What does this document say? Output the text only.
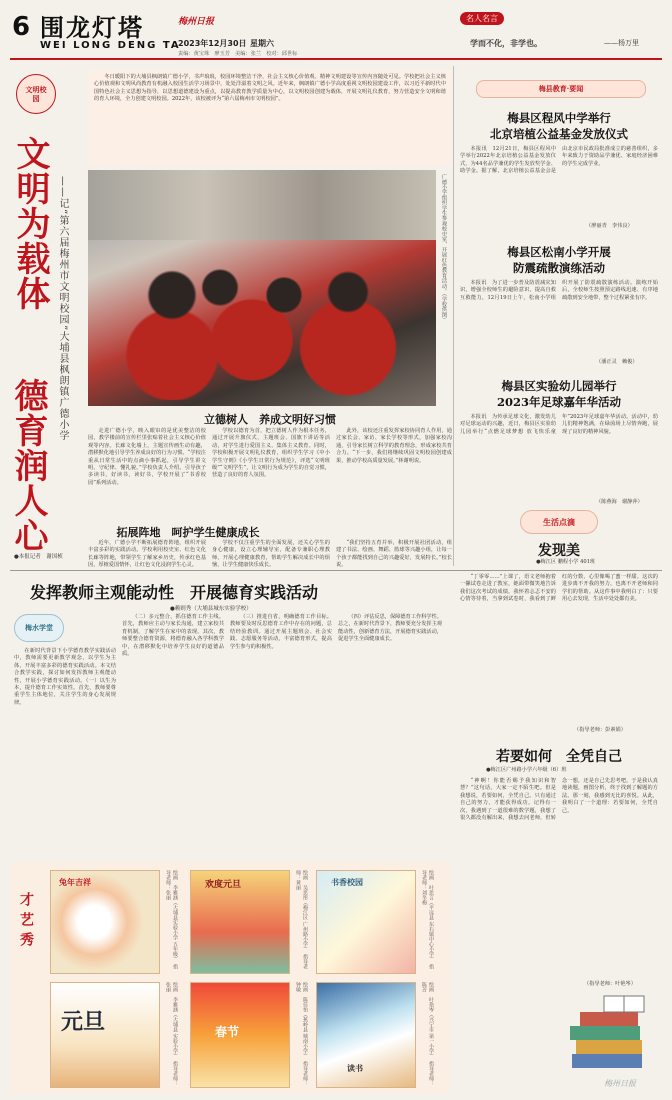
6 围龙灯塔
WEI LONG DENG TA
梅州日报
2023年12月30日 星期六
责编：黄宝珠　廖玉芳　美编：张兰　校对：邱世标
名人名言
学而不化，非学也。	——杨万里
文明校园
文明为载体
德育润人心
——记“第六届梅州市文明校园”大埔县枫朗镇广德小学
●本报记者　谢国桢

冬日暖阳下的大埔县枫朗镇广德小学，书声琅琅，校园环境整洁干净，社会主义核心价值观、精神文明建设等宣传内容随处可见。学校把社会主义核心价值观和文明风尚教育有机融入校园生活学习场景中，处处洋溢着文明之风。近年来，枫朗镇广德小学高度重视文明校园建设工作，以习近平新时代中国特色社会主义思想为指导，以思想道德建设为重点，以提高教育教学质量为中心，以文明校园创建为载体，开展文明礼仪教育，努力营造安全文明和谐的育人环境，全力创建文明校园。2022年，该校被评为“第六届梅州市文明校园”。

广德小学组织学生参观校史室，开展红色教育活动。（学校供图）
立德树人　养成文明好习惯

走进广德小学，映入眼帘的是优美整洁的校园，教学楼前的宣传栏里张贴着社会主义核心价值观等内容。长廊文化墙上，主题宣传画生动有趣，潜移默化地引导学生养成良好的行为习惯。“学校注重从日常生活中的点滴小事抓起，引导学生讲文明、守纪律、懂礼貌。”学校负责人介绍。引导孩子多读书，好读书，读好书，学校开展了“书香校园”系列活动。

学校以德育为首，把立德树人作为根本任务，通过开展升旗仪式、主题班会、国旗下讲话等活动，对学生进行爱国主义、集体主义教育。同时，学校积极开展文明礼仪教育，组织学生学习《中小学生守则》《小学生日常行为规范》，评选“文明班级”“文明学生”，让文明行为成为学生的自觉习惯，营造了良好的育人氛围。

此外，该校还注重发挥家校协同育人作用，通过家长会、家访、家长学校等形式，加强家校沟通，引导家长树立科学的教育理念，形成家校共育合力。“下一步，我们将继续巩固文明校园创建成果，推动学校高质量发展。”林谢明说。

拓展阵地　呵护学生健康成长

近年，广德小学不断拓展德育阵地，组织开展丰富多彩的实践活动。学校利用校史室、红色文化长廊等阵地，带领学生了解家乡历史，传承红色基因，厚植爱国情怀，让红色文化浸润学生心灵。

学校不仅注重学生的全面发展，还关心学生的身心健康，设立心理辅导室，配备专兼职心理教师，开展心理健康教育，帮助学生解决成长中的烦恼，让学生健康快乐成长。

“我们坚持五育并举，积极开展社团活动，组建了书法、绘画、舞蹈、篮球等兴趣小组，让每一个孩子都能找到自己的兴趣爱好，发展特长。”校长说。

梅县教育·要闻
梅县区程风中学举行
北京培植公益基金发放仪式

本报讯　12月21日，梅县区程风中学举行2022年北京培植公益基金发放仪式，为44名品学兼优的学生发放奖学金、助学金。据了解，北京培植公益基金会是由北京市民政局批准成立的慈善组织，多年来致力于资助品学兼优、家庭经济困难的学生完成学业。

（廖丽青　李伟良）
梅县区松南小学开展
防震疏散演练活动

本报讯　为了进一步普及防震减灾知识，增强全校师生的避险意识，提高自救互救能力，12月19日上午，松南小学组织开展了防震疏散演练活动。演练开始后，全校师生按照预定路线迅速、有序地疏散到安全地带，整个过程紧张有序。

（潘正灵　赖俊）
梅县区实验幼儿园举行
2023年足球嘉年华活动

本报讯　为传承足球文化，激发幼儿对足球运动的兴趣，近日，梅县区实验幼儿园举行“点燃足球梦想 放飞快乐童年”2023年足球嘉年华活动。活动中，幼儿们精神饱满，在绿茵场上尽情奔跑，展现了良好的精神风貌。

（陈燕海　谢静萍）
生活点滴
发现美
●梅江区 鹏程小学 401班
发挥教师主观能动性　开展德育实践活动
●赖则秀（大埔县城东实验学校）
梅水学堂

在新时代背景下小学德育教学实践活动中，教师需要更新教学观念，以学生为主体，开展丰富多彩的德育实践活动。本文结合教学实践，探讨如何发挥教师主观能动性，开展小学德育实践活动。（一）以生为本，提升德育工作实效性。首先，教师要尊重学生主体地位，关注学生的身心发展规律。

（二）多元整合，抓住德育工作主线。首先，教师应主动与家长沟通，建立家校共育机制，了解学生在家中的表现。其次，教师要整合德育资源，将德育融入各学科教学中，在潜移默化中培养学生良好的道德品质。

（三）推进自省，明确德育工作目标。教师要及时反思德育工作中存在的问题，总结经验教训。通过开展主题班会、社会实践、志愿服务等活动，丰富德育形式，提高学生参与的积极性。

（四）评估反思，保障德育工作科学性。总之，在新时代背景下，教师要充分发挥主观能动性，创新德育方法，开展德育实践活动，促进学生全面健康成长。

“丁零零……”上课了，语文老师抱着一摞试卷走进了教室，她面带微笑地告诉我们这次考试的成绩。我怀着忐忑不安的心情等待着，当拿到试卷时，我看到了鲜红的分数，心里像喝了蜜一样甜。这次的进步离不开我的努力，也离不开老师和同学们的帮助。从这件事中我明白了：只要用心去发现，生活中处处都有美。

（指导老师：彭素娟）
若要如何　全凭自己
●梅江区广州路小学六年级（6）班

“神啊！你能否赐予我知识和智慧？”这句话，大家一定不陌生吧。但是我想说，若要如何，全凭自己。只有通过自己的努力，才能获得成功。记得有一次，我遇到了一道很难的数学题，我想了很久都没有解出来，我想去问老师，但转念一想，还是自己先思考吧。于是我认真地读题，画图分析，终于找到了解题的方法。那一刻，我感到无比的喜悦。从此，我明白了一个道理：若要如何，全凭自己。

（指导老师：叶艳岑）
梅州日报
才艺秀
兔年吉祥	绘画　李雅涵（大埔县实验小学 五年级）　指导老师：张丽	欢度元旦	绘画　吴思彤（梅江区 广州路小学）　指导老师：黄丽	书香校园	绘画　叶思言（平远县 东石镇中心小学）　指导老师：刘冬梅
元旦	绘画　李雅涵（大埔县 实验小学）　指导老师：张丽
春节	绘画　陈佳怡（蕉岭县 城南小学）　指导老师：钟敏
读书	绘画　叶艳岑（兴宁市 第一小学）　指导老师：陈芳
